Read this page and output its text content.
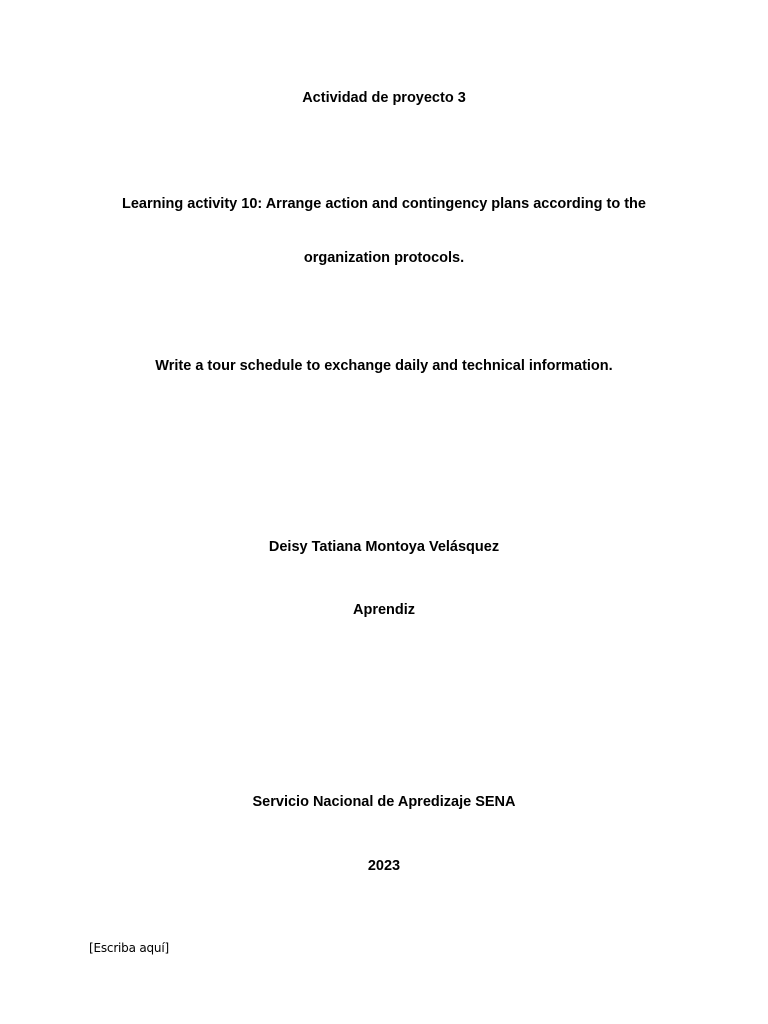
Actividad de proyecto 3
Learning activity 10: Arrange action and contingency plans according to the
organization protocols.
Write a tour schedule to exchange daily and technical information.
Deisy Tatiana Montoya Velásquez
Aprendiz
Servicio Nacional de Apredizaje SENA
2023
[Escriba aquí]
